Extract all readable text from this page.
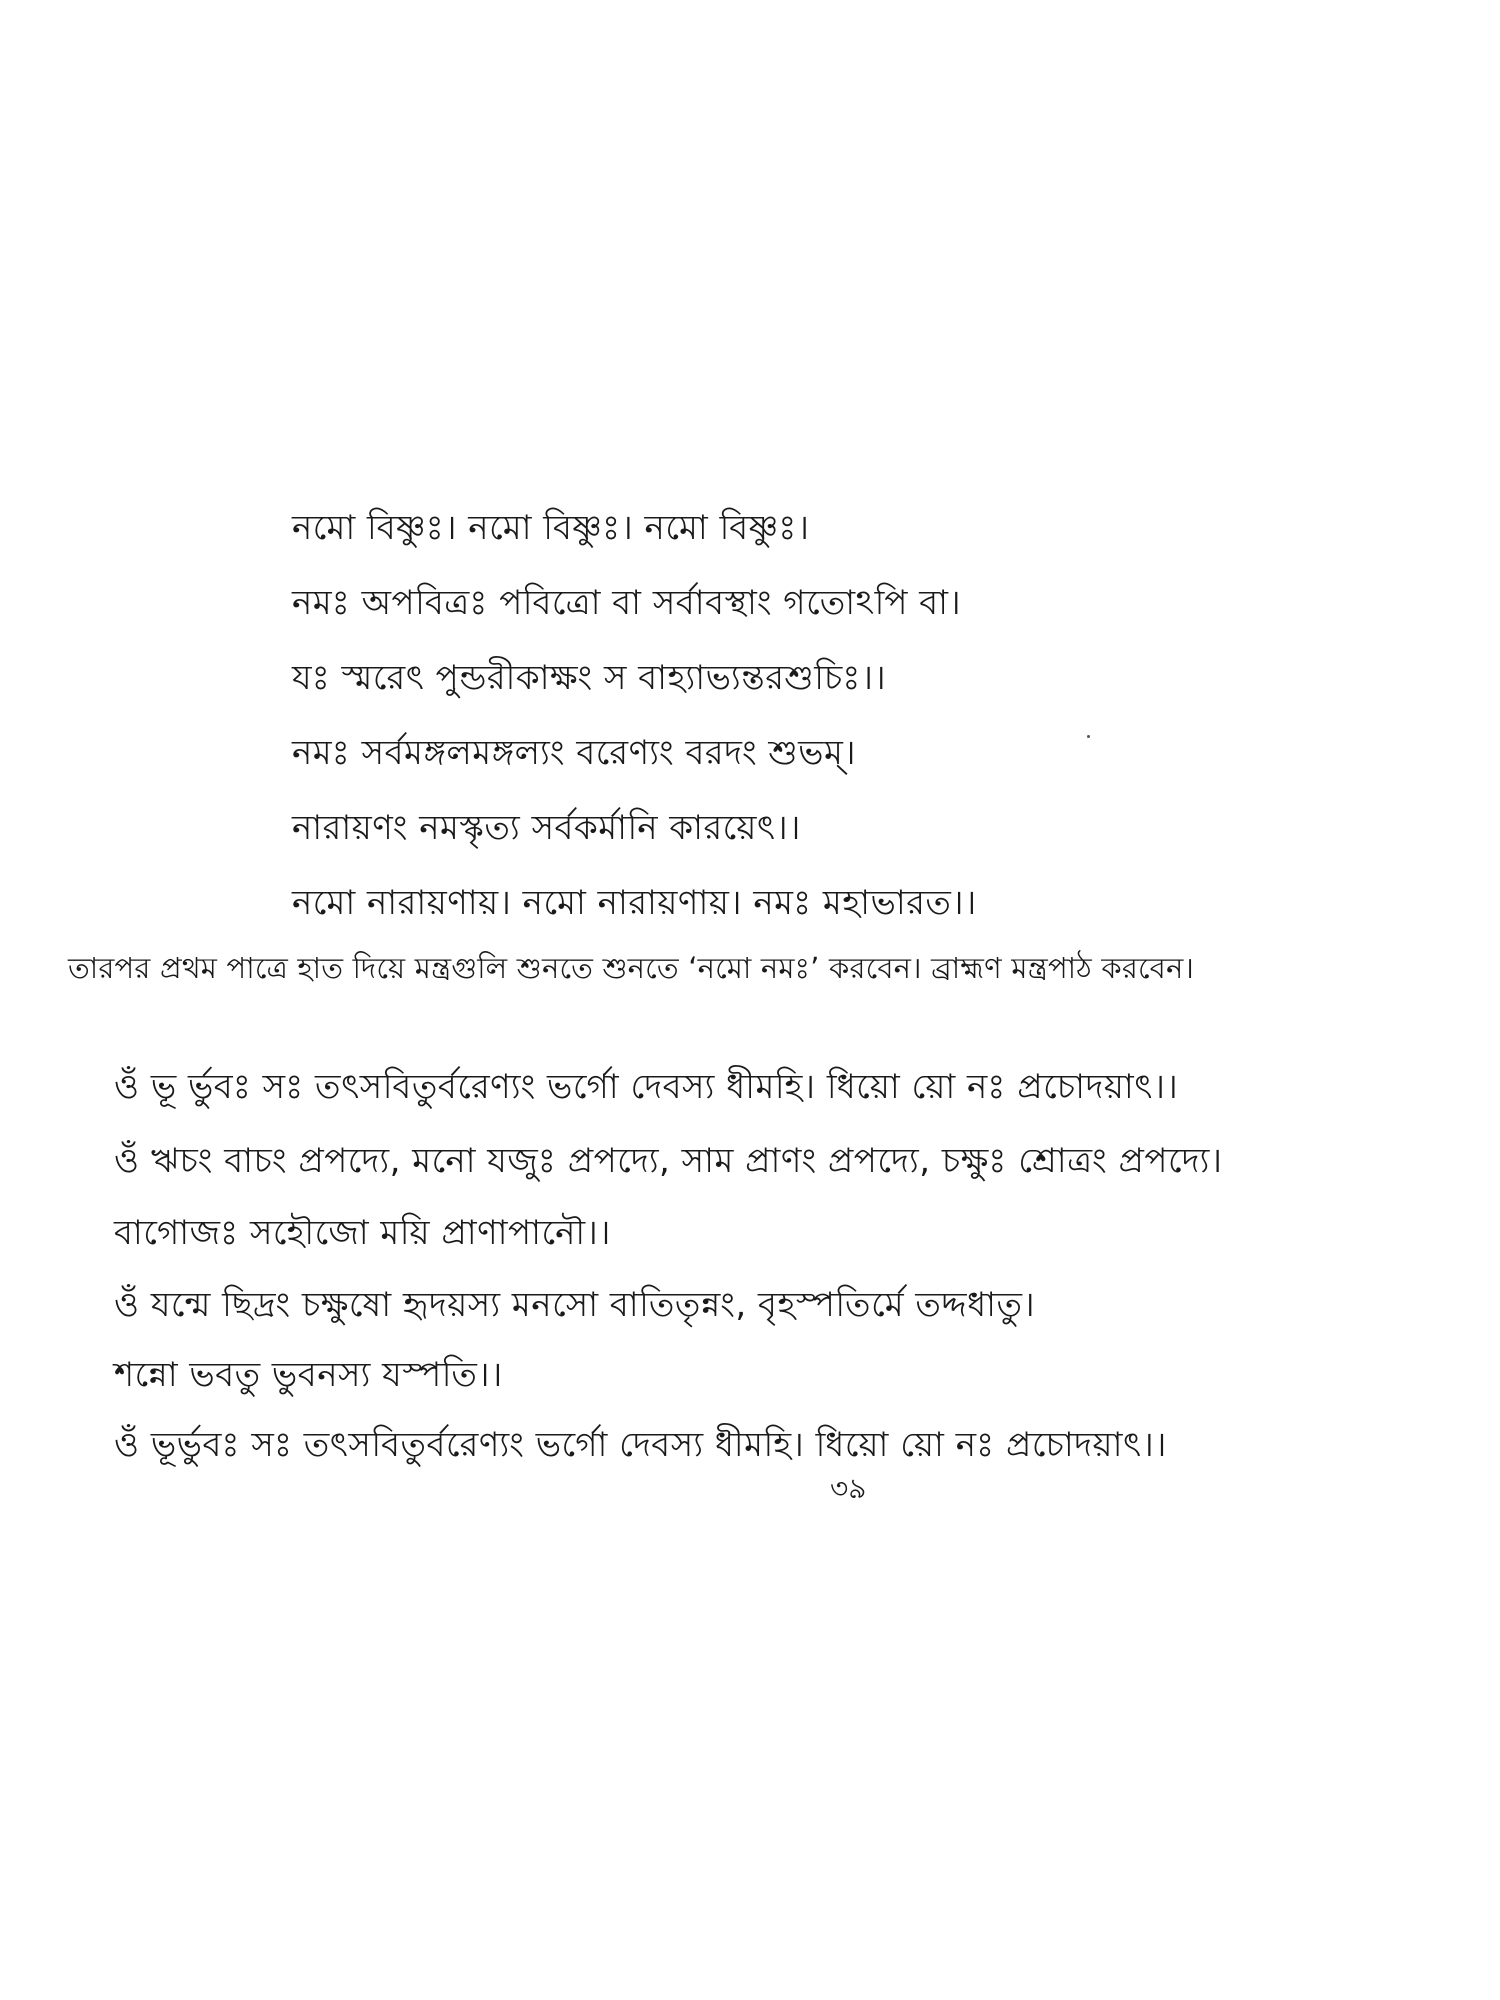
নমো বিষ্ণুঃ। নমো বিষ্ণুঃ। নমো বিষ্ণুঃ।
নমঃ অপবিত্রঃ পবিত্রো বা সর্বাবস্থাং গতোঽপি বা।
যঃ স্মরেৎ পুন্ডরীকাক্ষং স বাহ্যাভ্যন্তরশুচিঃ।।
নমঃ সর্বমঙ্গলমঙ্গল্যং বরেণ্যং বরদং শুভম্।
নারায়ণং নমস্কৃত্য সর্বকর্মানি কারয়েৎ।।
নমো নারায়ণায়। নমো নারায়ণায়। নমঃ মহাভারত।।
তারপর প্রথম পাত্রে হাত দিয়ে মন্ত্রগুলি শুনতে শুনতে ‘নমো নমঃ’ করবেন। ব্রাহ্মণ মন্ত্রপাঠ করবেন।
ওঁ ভূ র্ভুবঃ সঃ তৎসবিতুর্বরেণ্যং ভর্গো দেবস্য ধীমহি। ধিয়ো য়ো নঃ প্রচোদয়াৎ।।
ওঁ ঋচং বাচং প্রপদ্যে, মনো যজুঃ প্রপদ্যে, সাম প্রাণং প্রপদ্যে, চক্ষুঃ শ্রোত্রং প্রপদ্যে।
বাগোজঃ সহৌজো ময়ি প্রাণাপানৌ।।
ওঁ যন্মে ছিদ্রং চক্ষুষো হৃদয়স্য মনসো বাতিতৃন্নং, বৃহস্পতির্মে তদ্দধাতু।
শন্নো ভবতু ভুবনস্য যস্পতি।।
ওঁ ভূর্ভুবঃ সঃ তৎসবিতুর্বরেণ্যং ভর্গো দেবস্য ধীমহি। ধিয়ো য়ো নঃ প্রচোদয়াৎ।।
৩৯
